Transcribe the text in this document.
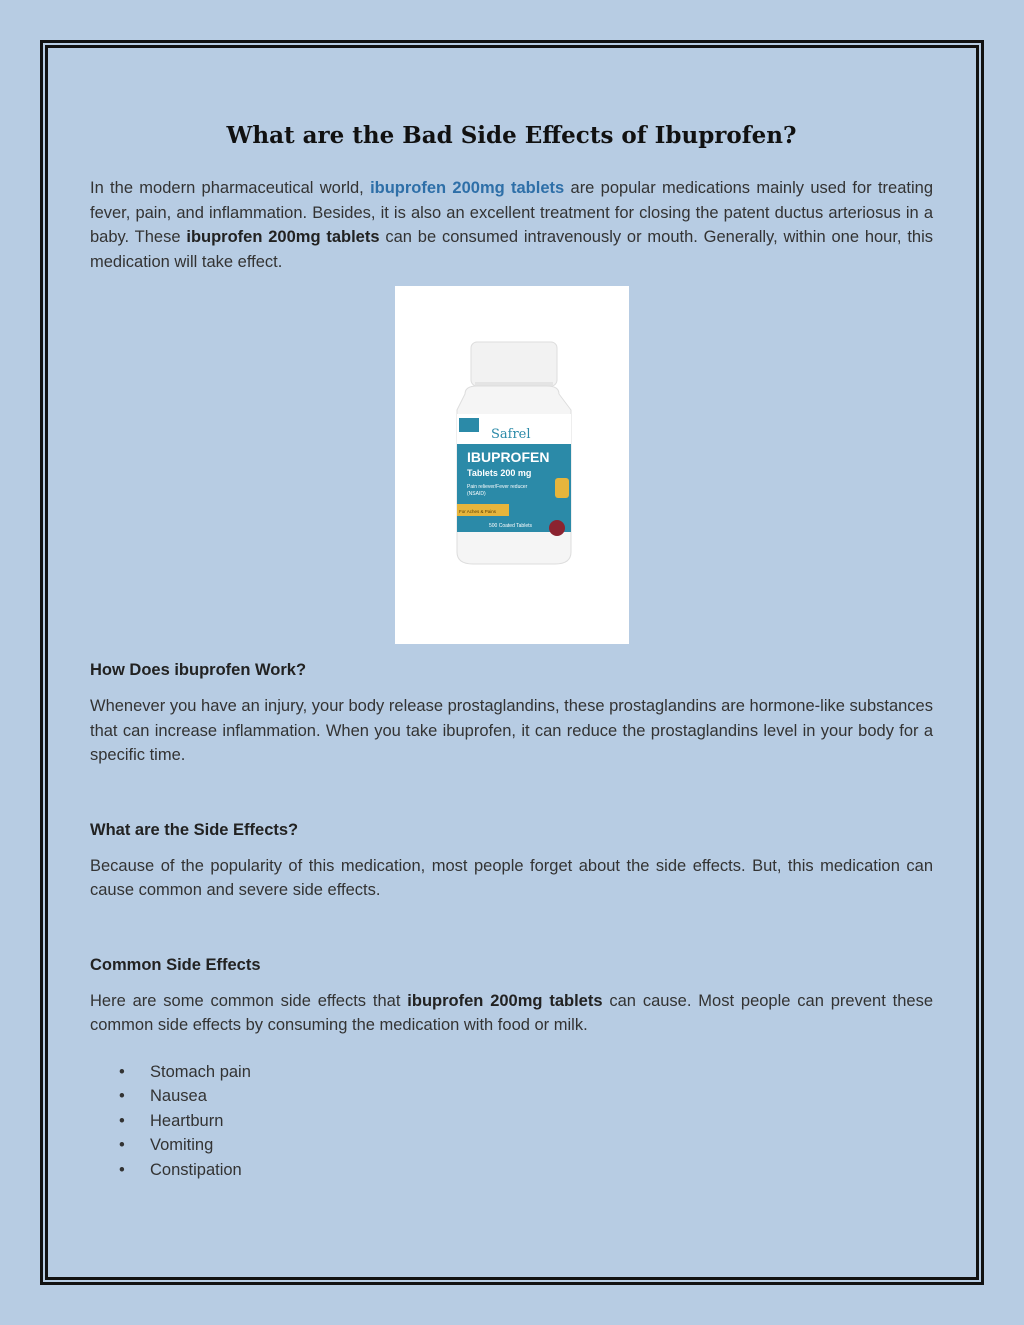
What are the Bad Side Effects of Ibuprofen?

In the modern pharmaceutical world, ibuprofen 200mg tablets are popular medications mainly used for treating fever, pain, and inflammation. Besides, it is also an excellent treatment for closing the patent ductus arteriosus in a baby. These ibuprofen 200mg tablets can be consumed intravenously or mouth. Generally, within one hour, this medication will take effect.

Safrel
IBUPROFEN
Tablets 200 mg
Pain reliever/Fever reducer
(NSAID)
For Aches & Pains
500 Coated Tablets
How Does ibuprofen Work?

Whenever you have an injury, your body release prostaglandins, these prostaglandins are hormone-like substances that can increase inflammation. When you take ibuprofen, it can reduce the prostaglandins level in your body for a specific time.

What are the Side Effects?

Because of the popularity of this medication, most people forget about the side effects. But, this medication can cause common and severe side effects.

Common Side Effects

Here are some common side effects that ibuprofen 200mg tablets can cause. Most people can prevent these common side effects by consuming the medication with food or milk.

• Stomach pain
• Nausea
• Heartburn
• Vomiting
• Constipation
